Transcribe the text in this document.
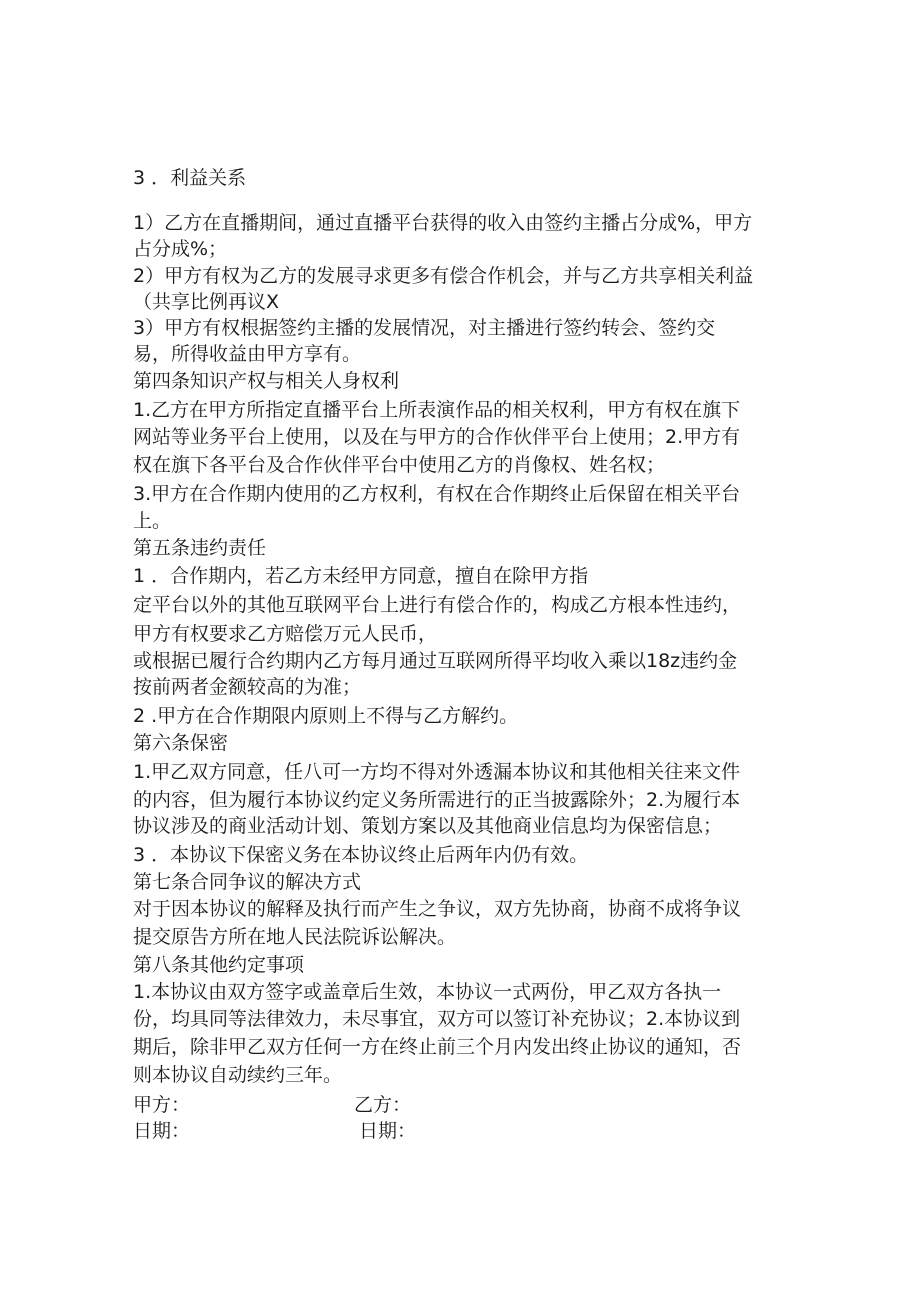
3 ．利益关系
1）乙方在直播期间，通过直播平台获得的收入由签约主播占分成%，甲方
占分成%；
2）甲方有权为乙方的发展寻求更多有偿合作机会，并与乙方共享相关利益
（共享比例再议X
3）甲方有权根据签约主播的发展情况，对主播进行签约转会、签约交
易，所得收益由甲方享有。
第四条知识产权与相关人身权利
1.乙方在甲方所指定直播平台上所表演作品的相关权利，甲方有权在旗下
网站等业务平台上使用，以及在与甲方的合作伙伴平台上使用；2.甲方有
权在旗下各平台及合作伙伴平台中使用乙方的肖像权、姓名权；
3.甲方在合作期内使用的乙方权利，有权在合作期终止后保留在相关平台
上。
第五条违约责任
1 ．合作期内，若乙方未经甲方同意，擅自在除甲方指
定平台以外的其他互联网平台上进行有偿合作的，构成乙方根本性违约，
甲方有权要求乙方赔偿万元人民币，
或根据已履行合约期内乙方每月通过互联网所得平均收入乘以18z违约金
按前两者金额较高的为准；
2 .甲方在合作期限内原则上不得与乙方解约。
第六条保密
1.甲乙双方同意，任八可一方均不得对外透漏本协议和其他相关往来文件
的内容，但为履行本协议约定义务所需进行的正当披露除外；2.为履行本
协议涉及的商业活动计划、策划方案以及其他商业信息均为保密信息；
3 ．本协议下保密义务在本协议终止后两年内仍有效。
第七条合同争议的解决方式
对于因本协议的解释及执行而产生之争议，双方先协商，协商不成将争议
提交原告方所在地人民法院诉讼解决。
第八条其他约定事项
1.本协议由双方签字或盖章后生效，本协议一式两份，甲乙双方各执一
份，均具同等法律效力，未尽事宜，双方可以签订补充协议；2.本协议到
期后，除非甲乙双方任何一方在终止前三个月内发出终止协议的通知，否
则本协议自动续约三年。
甲方：	乙方：
日期：	日期：
